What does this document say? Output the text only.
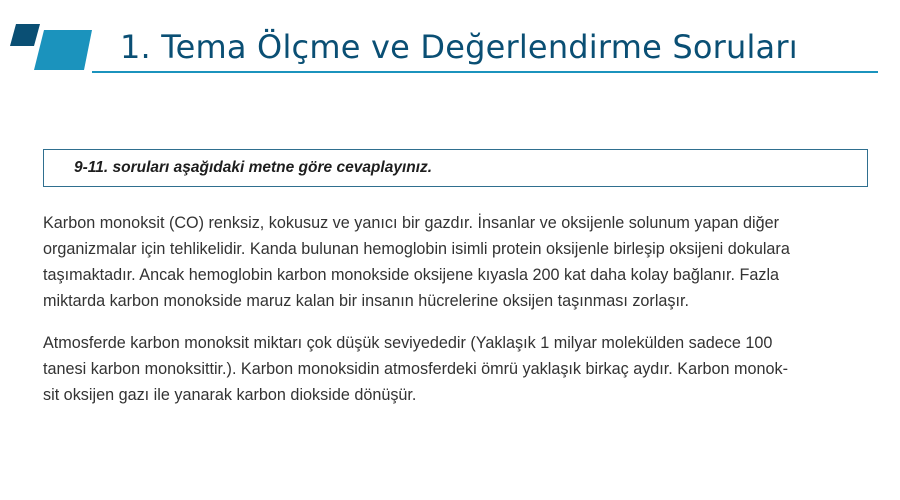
1. Tema Ölçme ve Değerlendirme Soruları
9-11. soruları aşağıdaki metne göre cevaplayınız.

Karbon monoksit (CO) renksiz, kokusuz ve yanıcı bir gazdır. İnsanlar ve oksijenle solunum yapan diğer

organizmalar için tehlikelidir. Kanda bulunan hemoglobin isimli protein oksijenle birleşip oksijeni dokulara

taşımaktadır. Ancak hemoglobin karbon monokside oksijene kıyasla 200 kat daha kolay bağlanır. Fazla

miktarda karbon monokside maruz kalan bir insanın hücrelerine oksijen taşınması zorlaşır.

Atmosferde karbon monoksit miktarı çok düşük seviyededir (Yaklaşık 1 milyar molekülden sadece 100

tanesi karbon monoksittir.). Karbon monoksidin atmosferdeki ömrü yaklaşık birkaç aydır. Karbon monok-

sit oksijen gazı ile yanarak karbon diokside dönüşür.
